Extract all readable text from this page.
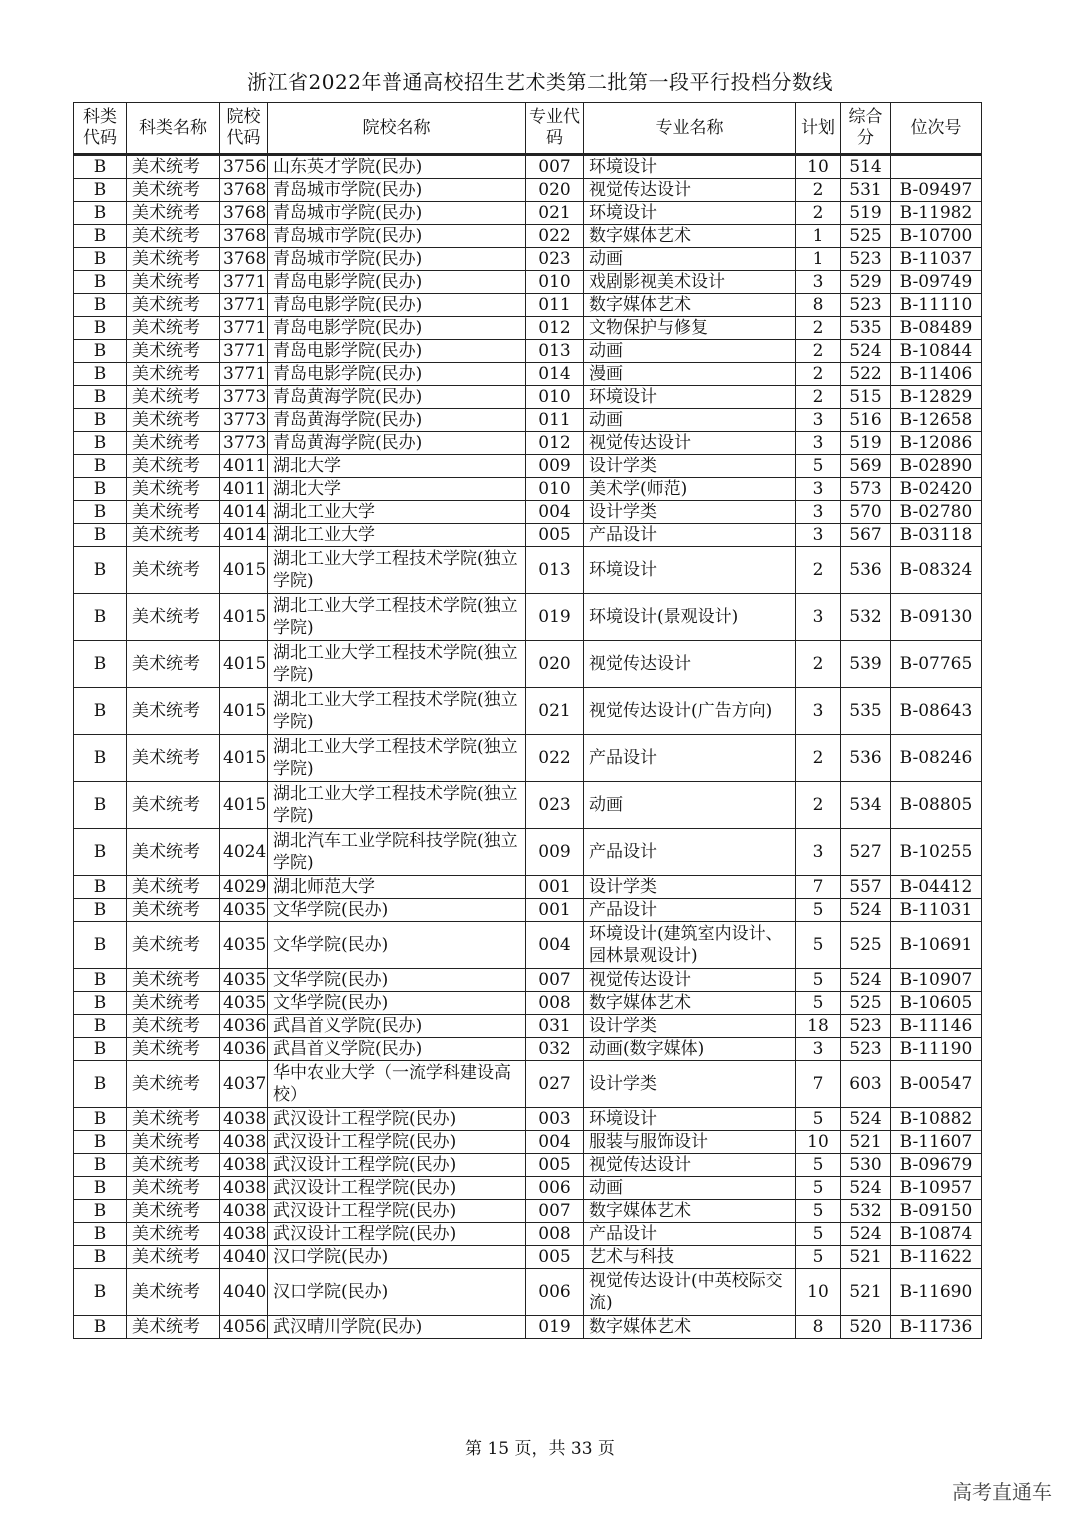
浙江省2022年普通高校招生艺术类第二批第一段平行投档分数线
科类代码	科类名称	院校代码	院校名称	专业代码	专业名称	计划	综合分	位次号
B	美术统考	3756	山东英才学院(民办)	007	环境设计	10	514	
B	美术统考	3768	青岛城市学院(民办)	020	视觉传达设计	2	531	B-09497
B	美术统考	3768	青岛城市学院(民办)	021	环境设计	2	519	B-11982
B	美术统考	3768	青岛城市学院(民办)	022	数字媒体艺术	1	525	B-10700
B	美术统考	3768	青岛城市学院(民办)	023	动画	1	523	B-11037
B	美术统考	3771	青岛电影学院(民办)	010	戏剧影视美术设计	3	529	B-09749
B	美术统考	3771	青岛电影学院(民办)	011	数字媒体艺术	8	523	B-11110
B	美术统考	3771	青岛电影学院(民办)	012	文物保护与修复	2	535	B-08489
B	美术统考	3771	青岛电影学院(民办)	013	动画	2	524	B-10844
B	美术统考	3771	青岛电影学院(民办)	014	漫画	2	522	B-11406
B	美术统考	3773	青岛黄海学院(民办)	010	环境设计	2	515	B-12829
B	美术统考	3773	青岛黄海学院(民办)	011	动画	3	516	B-12658
B	美术统考	3773	青岛黄海学院(民办)	012	视觉传达设计	3	519	B-12086
B	美术统考	4011	湖北大学	009	设计学类	5	569	B-02890
B	美术统考	4011	湖北大学	010	美术学(师范)	3	573	B-02420
B	美术统考	4014	湖北工业大学	004	设计学类	3	570	B-02780
B	美术统考	4014	湖北工业大学	005	产品设计	3	567	B-03118
B	美术统考	4015	湖北工业大学工程技术学院(独立学院)	013	环境设计	2	536	B-08324
B	美术统考	4015	湖北工业大学工程技术学院(独立学院)	019	环境设计(景观设计)	3	532	B-09130
B	美术统考	4015	湖北工业大学工程技术学院(独立学院)	020	视觉传达设计	2	539	B-07765
B	美术统考	4015	湖北工业大学工程技术学院(独立学院)	021	视觉传达设计(广告方向)	3	535	B-08643
B	美术统考	4015	湖北工业大学工程技术学院(独立学院)	022	产品设计	2	536	B-08246
B	美术统考	4015	湖北工业大学工程技术学院(独立学院)	023	动画	2	534	B-08805
B	美术统考	4024	湖北汽车工业学院科技学院(独立学院)	009	产品设计	3	527	B-10255
B	美术统考	4029	湖北师范大学	001	设计学类	7	557	B-04412
B	美术统考	4035	文华学院(民办)	001	产品设计	5	524	B-11031
B	美术统考	4035	文华学院(民办)	004	环境设计(建筑室内设计、园林景观设计)	5	525	B-10691
B	美术统考	4035	文华学院(民办)	007	视觉传达设计	5	524	B-10907
B	美术统考	4035	文华学院(民办)	008	数字媒体艺术	5	525	B-10605
B	美术统考	4036	武昌首义学院(民办)	031	设计学类	18	523	B-11146
B	美术统考	4036	武昌首义学院(民办)	032	动画(数字媒体)	3	523	B-11190
B	美术统考	4037	华中农业大学（一流学科建设高校）	027	设计学类	7	603	B-00547
B	美术统考	4038	武汉设计工程学院(民办)	003	环境设计	5	524	B-10882
B	美术统考	4038	武汉设计工程学院(民办)	004	服装与服饰设计	10	521	B-11607
B	美术统考	4038	武汉设计工程学院(民办)	005	视觉传达设计	5	530	B-09679
B	美术统考	4038	武汉设计工程学院(民办)	006	动画	5	524	B-10957
B	美术统考	4038	武汉设计工程学院(民办)	007	数字媒体艺术	5	532	B-09150
B	美术统考	4038	武汉设计工程学院(民办)	008	产品设计	5	524	B-10874
B	美术统考	4040	汉口学院(民办)	005	艺术与科技	5	521	B-11622
B	美术统考	4040	汉口学院(民办)	006	视觉传达设计(中英校际交流)	10	521	B-11690
B	美术统考	4056	武汉晴川学院(民办)	019	数字媒体艺术	8	520	B-11736
第 15 页，共 33 页
高考直通车
